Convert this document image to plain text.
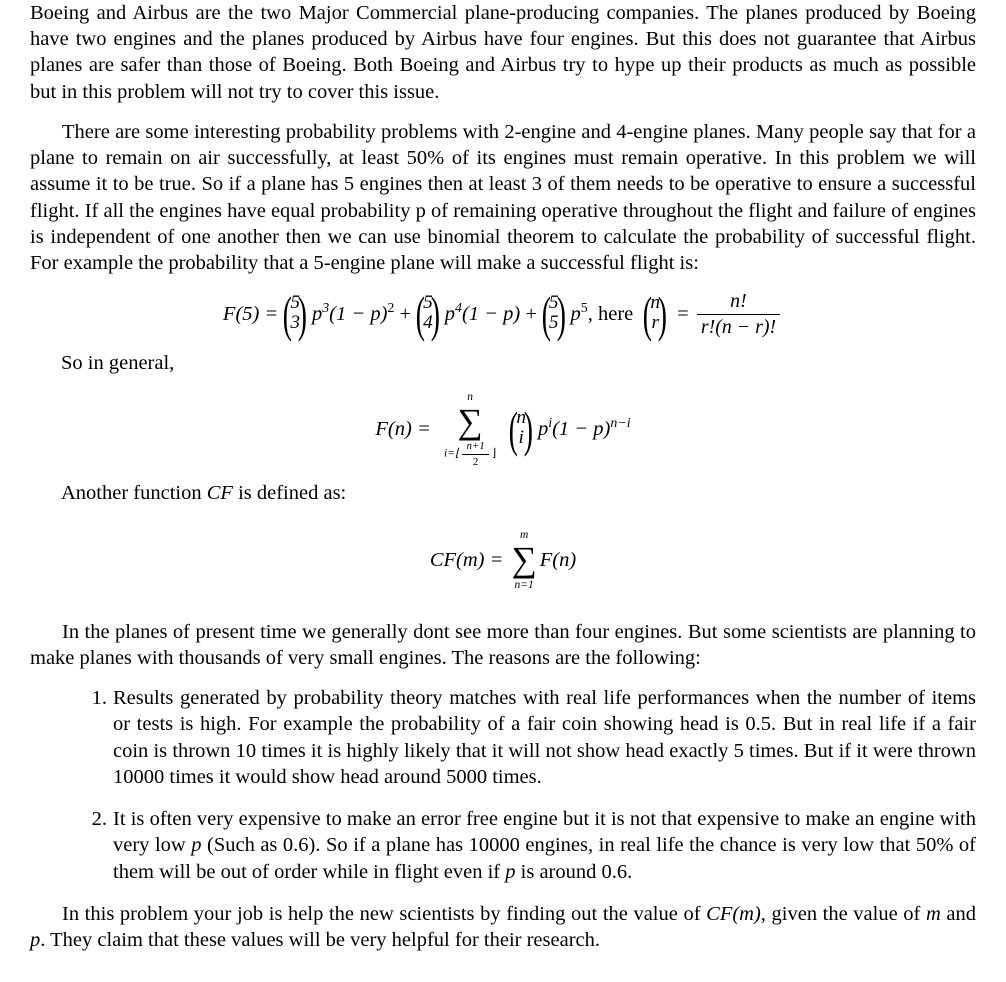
Boeing and Airbus are the two Major Commercial plane-producing companies. The planes produced by Boeing have two engines and the planes produced by Airbus have four engines. But this does not guarantee that Airbus planes are safer than those of Boeing. Both Boeing and Airbus try to hype up their products as much as possible but in this problem will not try to cover this issue.

There are some interesting probability problems with 2-engine and 4-engine planes. Many people say that for a plane to remain on air successfully, at least 50% of its engines must remain operative. In this problem we will assume it to be true. So if a plane has 5 engines then at least 3 of them needs to be operative to ensure a successful flight. If all the engines have equal probability p of remaining operative throughout the flight and failure of engines is independent of one another then we can use binomial theorem to calculate the probability of successful flight. For example the probability that a 5-engine plane will make a successful flight is:

F(5) =
( 5
3
) $p^3(1 - p)^2$
+
( 5
4
) $p^4(1 - p)$
+
( 5
5
) $p^5$ , here

( n
r
)
=
$\frac{n!}{r!(n - r)!}$

So in general,

F(n) =

n
∑
i=⌊ $\frac{n+1}{2}$ ⌋

( n
i
) $p^i(1 - p)^{n-i}$

Another function CF is defined as:

CF(m) =

m
∑
n=1
F(n)

In the planes of present time we generally dont see more than four engines. But some scientists are planning to make planes with thousands of very small engines. The reasons are the following:

1. Results generated by probability theory matches with real life performances when the number of items or tests is high. For example the probability of a fair coin showing head is 0.5. But in real life if a fair coin is thrown 10 times it is highly likely that it will not show head exactly 5 times. But if it were thrown 10000 times it would show head around 5000 times.
2. It is often very expensive to make an error free engine but it is not that expensive to make an engine with very low p (Such as 0.6). So if a plane has 10000 engines, in real life the chance is very low that 50% of them will be out of order while in flight even if p is around 0.6.

In this problem your job is help the new scientists by finding out the value of CF(m), given the value of m and p. They claim that these values will be very helpful for their research.
